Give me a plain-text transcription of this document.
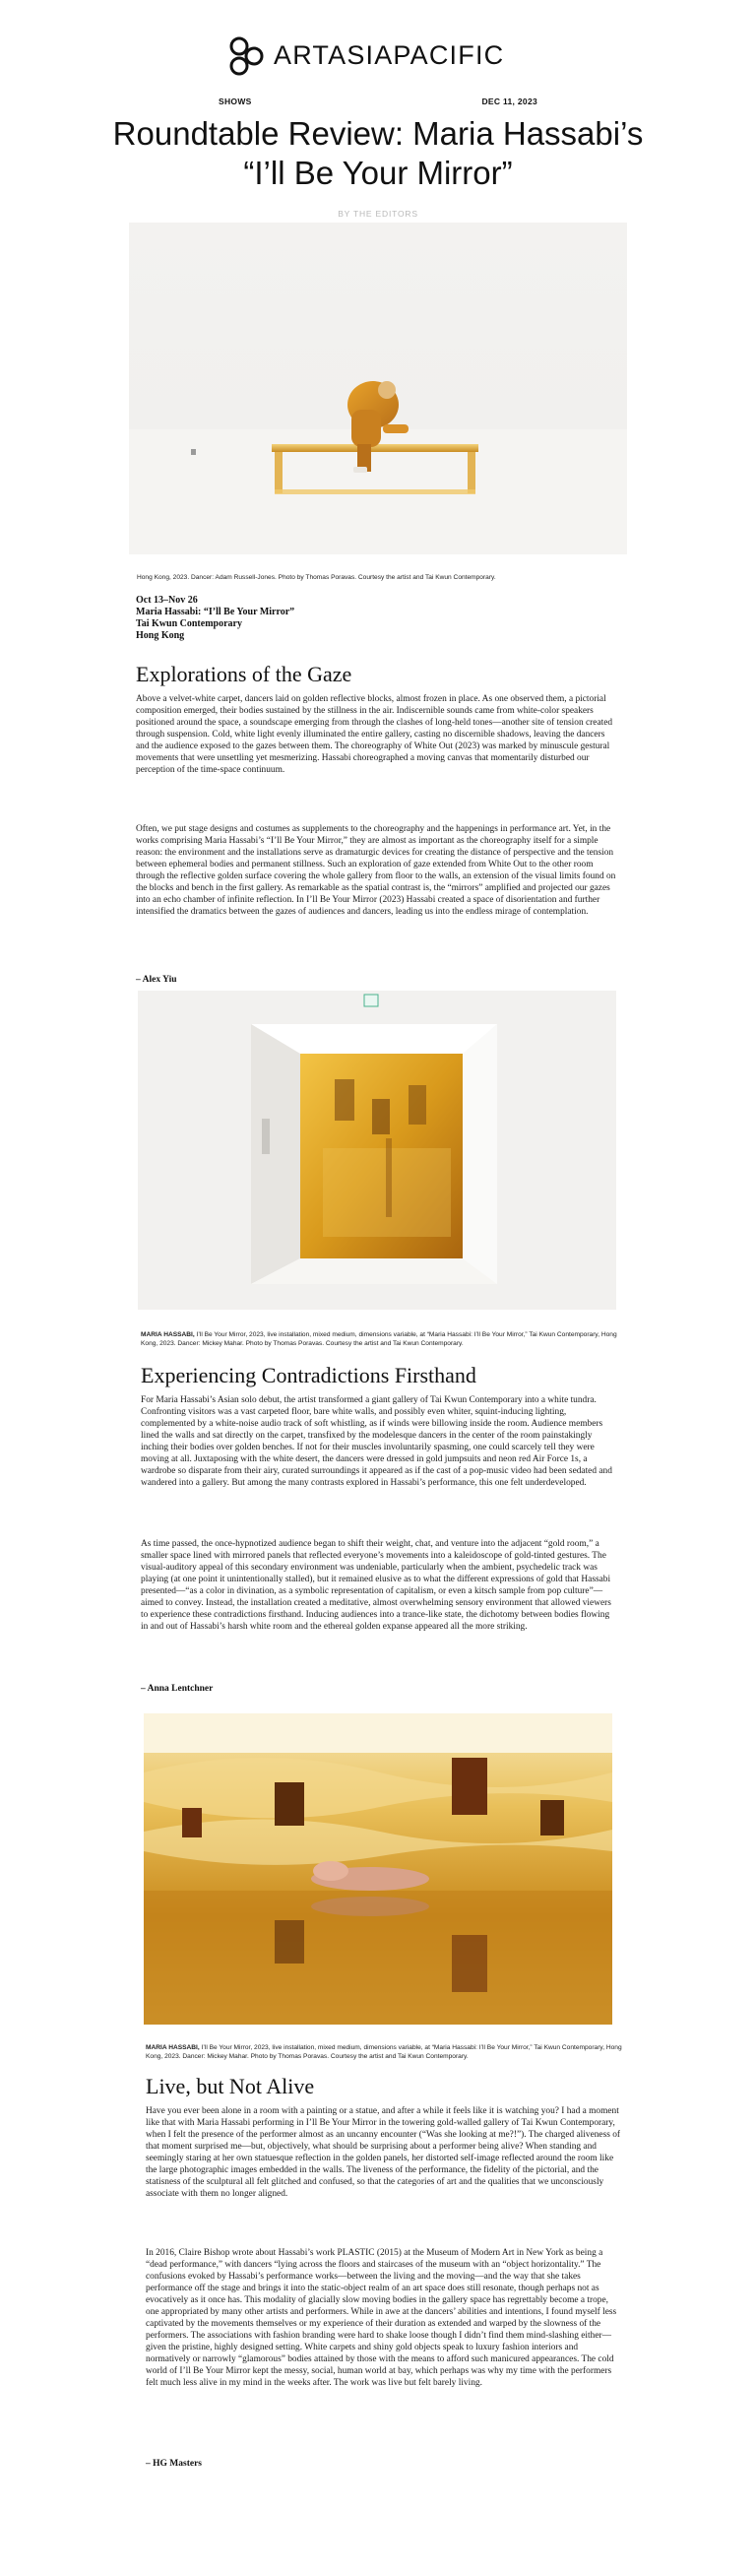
ARTASIAPACIFIC
SHOWS	DEC 11, 2023
Roundtable Review: Maria Hassabi’s
“I’ll Be Your Mirror”
BY THE EDITORS
Hong Kong, 2023. Dancer: Adam Russell-Jones. Photo by Thomas Poravas. Courtesy the artist and Tai Kwun Contemporary.
Oct 13–Nov 26
Maria Hassabi: “I’ll Be Your Mirror”
Tai Kwun Contemporary
Hong Kong
Explorations of the Gaze

Above a velvet-white carpet, dancers laid on golden reflective blocks, almost frozen in place. As one observed them, a pictorial composition emerged, their bodies sustained by the stillness in the air. Indiscernible sounds came from white-color speakers positioned around the space, a soundscape emerging from through the clashes of long-held tones—another site of tension created through suspension. Cold, white light evenly illuminated the entire gallery, casting no discernible shadows, leaving the dancers and the audience exposed to the gazes between them. The choreography of White Out (2023) was marked by minuscule gestural movements that were unsettling yet mesmerizing. Hassabi choreographed a moving canvas that momentarily disturbed our perception of the time-space continuum.

Often, we put stage designs and costumes as supplements to the choreography and the happenings in performance art. Yet, in the works comprising Maria Hassabi’s “I’ll Be Your Mirror,” they are almost as important as the choreography itself for a simple reason: the environment and the installations serve as dramaturgic devices for creating the distance of perspective and the tension between ephemeral bodies and permanent stillness. Such an exploration of gaze extended from White Out to the other room through the reflective golden surface covering the whole gallery from floor to the walls, an extension of the visual limits found on the blocks and bench in the first gallery. As remarkable as the spatial contrast is, the “mirrors” amplified and projected our gazes into an echo chamber of infinite reflection. In I’ll Be Your Mirror (2023) Hassabi created a space of disorientation and further intensified the dramatics between the gazes of audiences and dancers, leading us into the endless mirage of contemplation.

– Alex Yiu
MARIA HASSABI, I’ll Be Your Mirror, 2023, live installation, mixed medium, dimensions variable, at “Maria Hassabi: I’ll Be Your Mirror,” Tai Kwun Contemporary, Hong Kong, 2023. Dancer: Mickey Mahar. Photo by Thomas Poravas. Courtesy the artist and Tai Kwun Contemporary.
Experiencing Contradictions Firsthand

For Maria Hassabi’s Asian solo debut, the artist transformed a giant gallery of Tai Kwun Contemporary into a white tundra. Confronting visitors was a vast carpeted floor, bare white walls, and possibly even whiter, squint-inducing lighting, complemented by a white-noise audio track of soft whistling, as if winds were billowing inside the room. Audience members lined the walls and sat directly on the carpet, transfixed by the modelesque dancers in the center of the room painstakingly inching their bodies over golden benches. If not for their muscles involuntarily spasming, one could scarcely tell they were moving at all. Juxtaposing with the white desert, the dancers were dressed in gold jumpsuits and neon red Air Force 1s, a wardrobe so disparate from their airy, curated surroundings it appeared as if the cast of a pop-music video had been sedated and wandered into a gallery. But among the many contrasts explored in Hassabi’s performance, this one felt underdeveloped.

As time passed, the once-hypnotized audience began to shift their weight, chat, and venture into the adjacent “gold room,” a smaller space lined with mirrored panels that reflected everyone’s movements into a kaleidoscope of gold-tinted gestures. The visual-auditory appeal of this secondary environment was undeniable, particularly when the ambient, psychedelic track was playing (at one point it unintentionally stalled), but it remained elusive as to what the different expressions of gold that Hassabi presented—“as a color in divination, as a symbolic representation of capitalism, or even a kitsch sample from pop culture”—aimed to convey. Instead, the installation created a meditative, almost overwhelming sensory environment that allowed viewers to experience these contradictions firsthand. Inducing audiences into a trance-like state, the dichotomy between bodies flowing in and out of Hassabi’s harsh white room and the ethereal golden expanse appeared all the more striking.

– Anna Lentchner
MARIA HASSABI, I’ll Be Your Mirror, 2023, live installation, mixed medium, dimensions variable, at “Maria Hassabi: I’ll Be Your Mirror,” Tai Kwun Contemporary, Hong Kong, 2023. Dancer: Mickey Mahar. Photo by Thomas Poravas. Courtesy the artist and Tai Kwun Contemporary.
Live, but Not Alive

Have you ever been alone in a room with a painting or a statue, and after a while it feels like it is watching you? I had a moment like that with Maria Hassabi performing in I’ll Be Your Mirror in the towering gold-walled gallery of Tai Kwun Contemporary, when I felt the presence of the performer almost as an uncanny encounter (“Was she looking at me?!”). The charged aliveness of that moment surprised me—but, objectively, what should be surprising about a performer being alive? When standing and seemingly staring at her own statuesque reflection in the golden panels, her distorted self-image reflected around the room like the large photographic images embedded in the walls. The liveness of the performance, the fidelity of the pictorial, and the statisness of the sculptural all felt glitched and confused, so that the categories of art and the qualities that we unconsciously associate with them no longer aligned.

In 2016, Claire Bishop wrote about Hassabi’s work PLASTIC (2015) at the Museum of Modern Art in New York as being a “dead performance,” with dancers “lying across the floors and staircases of the museum with an “object horizontality.” The confusions evoked by Hassabi’s performance works—between the living and the moving—and the way that she takes performance off the stage and brings it into the static-object realm of an art space does still resonate, though perhaps not as evocatively as it once has. This modality of glacially slow moving bodies in the gallery space has regrettably become a trope, one appropriated by many other artists and performers. While in awe at the dancers’ abilities and intentions, I found myself less captivated by the movements themselves or my experience of their duration as extended and warped by the slowness of the performers. The associations with fashion branding were hard to shake loose though I didn’t find them mind-slashing either—given the pristine, highly designed setting. White carpets and shiny gold objects speak to luxury fashion interiors and normatively or narrowly “glamorous” bodies attained by those with the means to afford such manicured appearances. The cold world of I’ll Be Your Mirror kept the messy, social, human world at bay, which perhaps was why my time with the performers felt much less alive in my mind in the weeks after. The work was live but felt barely living.

– HG Masters
